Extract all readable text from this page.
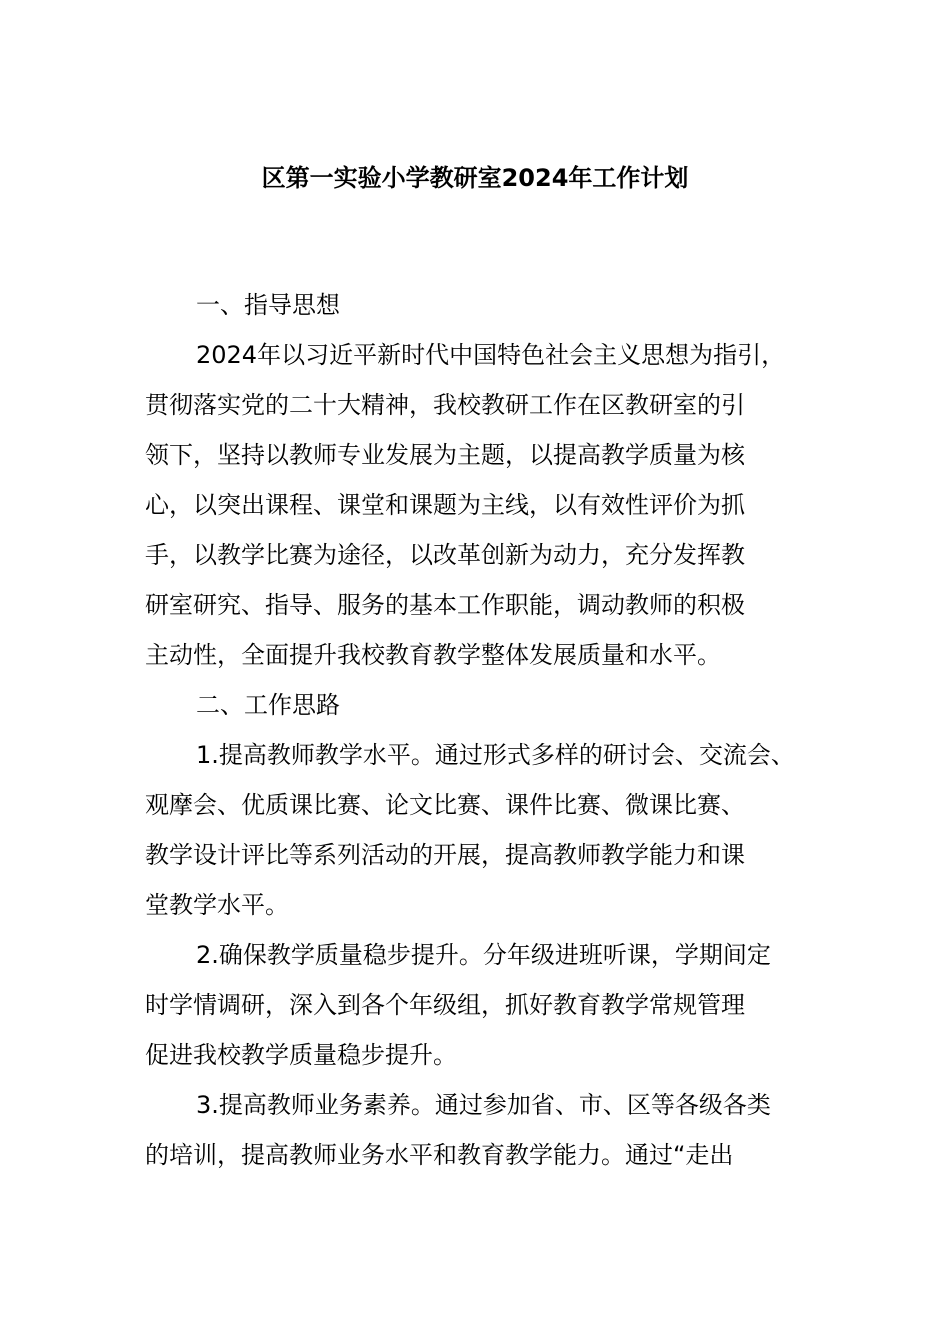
区第一实验小学教研室2024年工作计划
一、指导思想
2024年以习近平新时代中国特色社会主义思想为指引，
贯彻落实党的二十大精神，我校教研工作在区教研室的引
领下，坚持以教师专业发展为主题，以提高教学质量为核
心，以突出课程、课堂和课题为主线，以有效性评价为抓
手，以教学比赛为途径，以改革创新为动力，充分发挥教
研室研究、指导、服务的基本工作职能，调动教师的积极
主动性，全面提升我校教育教学整体发展质量和水平。
二、工作思路
1.提高教师教学水平。通过形式多样的研讨会、交流会、
观摩会、优质课比赛、论文比赛、课件比赛、微课比赛、
教学设计评比等系列活动的开展，提高教师教学能力和课
堂教学水平。
2.确保教学质量稳步提升。分年级进班听课，学期间定
时学情调研，深入到各个年级组，抓好教育教学常规管理
促进我校教学质量稳步提升。
3.提高教师业务素养。通过参加省、市、区等各级各类
的培训，提高教师业务水平和教育教学能力。通过“走出
